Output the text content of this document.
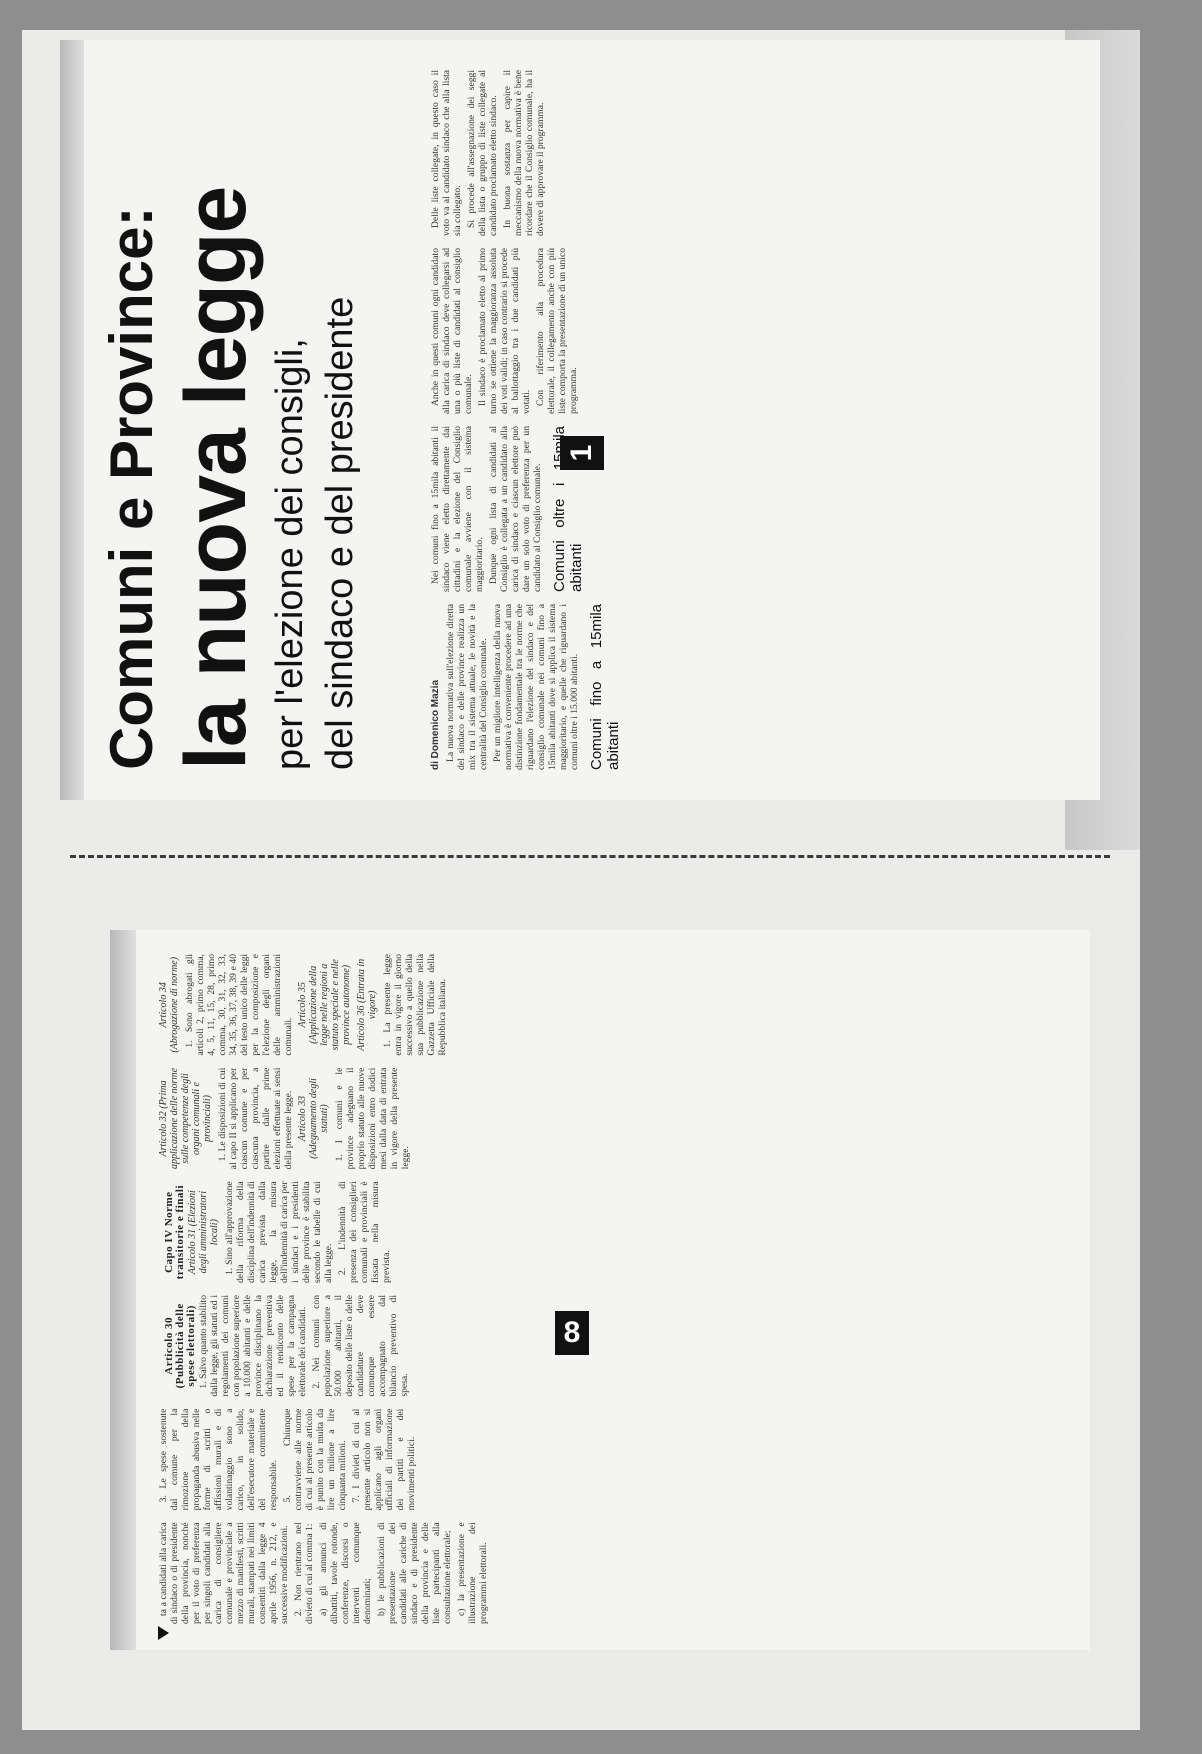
Comuni e Province: la nuova legge per l'elezione dei consigli, del sindaco e del presidente	1
di Domenico Mazia La nuova normativa sull'elezione diretta del sindaco e delle province realizza un mix tra il sistema attuale, le novità e la centralità del Consiglio comunale. Per un migliore intelligenza della nuova normativa è conveniente procedere ad una distinzione fondamentale tra le norme che riguardano l'elezione del sindaco e del consiglio comunale nei comuni fino a 15mila abitanti dove si applica il sistema maggioritario, e quelle che riguardano i comuni oltre i 15.000 abitanti. Comuni fino a 15mila abitanti

Nei comuni fino a 15mila abitanti il sindaco viene eletto direttamente dai cittadini e la elezione del Consiglio comunale avviene con il sistema maggioritario. Dunque ogni lista di candidati al Consiglio è collegata a un candidato alla carica di sindaco e ciascun elettore può dare un solo voto di preferenza per un candidato al Consiglio comunale. Comuni oltre i 15mila abitanti

Anche in questi comuni ogni candidato alla carica di sindaco deve collegarsi ad una o più liste di candidati al consiglio comunale. Il sindaco è proclamato eletto al primo turno se ottiene la maggioranza assoluta dei voti validi; in caso contrario si procede al ballottaggio tra i due candidati più votati. Con riferimento alla procedura elettorale, il collegamento anche con più liste comporta la presentazione di un unico programma.

Delle liste collegate, in questo caso il voto va al candidato sindaco che alla lista sia collegato. Si procede all'assegnazione dei seggi della lista o gruppo di liste collegate al candidato proclamato eletto sindaco. In buona sostanza per capire il meccanismo della nuova normativa è bene ricordare che il Consiglio comunale, ha il dovere di approvare il programma.

8

ta a candidati alla carica di sindaco o di presidente della provincia, nonché per il voto di preferenza per singoli candidati alla carica di consigliere comunale e provinciale a mezzo di manifesti, scritti murali, stampati nei limiti consentiti dalla legge 4 aprile 1956, n. 212, e successive modificazioni. 2. Non rientrano nel divieto di cui al comma 1: a) gli annunci di dibattiti, tavole rotonde, conferenze, discorsi o interventi comunque denominati; b) le pubblicazioni di presentazione dei candidati alle cariche di sindaco e di presidente della provincia e delle liste partecipanti alla consultazione elettorale; c) la presentazione e illustrazione dei programmi elettorali.

3. Le spese sostenute dal comune per la rimozione della propaganda abusiva nelle forme di scritti o affissioni murali e di volantinaggio sono a carico, in solido, dell'esecutore materiale e del committente responsabile. 5. Chiunque contravviene alle norme di cui al presente articolo è punito con la multa da lire un milione a lire cinquanta milioni. 7. I divieti di cui al presente articolo non si applicano agli organi ufficiali di informazione dei partiti e dei movimenti politici.

Articolo 30 (Pubblicità delle spese elettorali) 1. Salvo quanto stabilito dalla legge, gli statuti ed i regolamenti dei comuni con popolazione superiore a 10.000 abitanti e delle province disciplinano la dichiarazione preventiva ed il rendiconto delle spese per la campagna elettorale dei candidati. 2. Nei comuni con popolazione superiore a 50.000 abitanti, il deposito delle liste o delle candidature deve comunque essere accompagnato dal bilancio preventivo di spesa.

Capo IV Norme transitorie e finali Articolo 31 (Elezioni degli amministratori locali) 1. Sino all'approvazione della riforma della disciplina dell'indennità di carica prevista dalla legge, la misura dell'indennità di carica per i sindaci e i presidenti delle province è stabilita secondo le tabelle di cui alla legge. 2. L'indennità di presenza dei consiglieri comunali e provinciali è fissata nella misura prevista.

Articolo 32 (Prima applicazione delle norme sulle competenze degli organi comunali e provinciali) 1. Le disposizioni di cui al capo II si applicano per ciascun comune e per ciascuna provincia, a partire dalle prime elezioni effettuate ai sensi della presente legge. Articolo 33 (Adeguamento degli statuti) 1. I comuni e le province adeguano il proprio statuto alle nuove disposizioni entro dodici mesi dalla data di entrata in vigore della presente legge.

Articolo 34 (Abrogazione di norme) 1. Sono abrogati gli articoli 2, primo comma, 4, 5, 11, 15, 28, primo comma, 30, 31, 32, 33, 34, 35, 36, 37, 38, 39 e 40 del testo unico delle leggi per la composizione e l'elezione degli organi delle amministrazioni comunali.

Articolo 35 (Applicazione della legge nelle regioni a statuto speciale e nelle province autonome) Articolo 36 (Entrata in vigore) 1. La presente legge entra in vigore il giorno successivo a quello della sua pubblicazione nella Gazzetta Ufficiale della Repubblica italiana.
